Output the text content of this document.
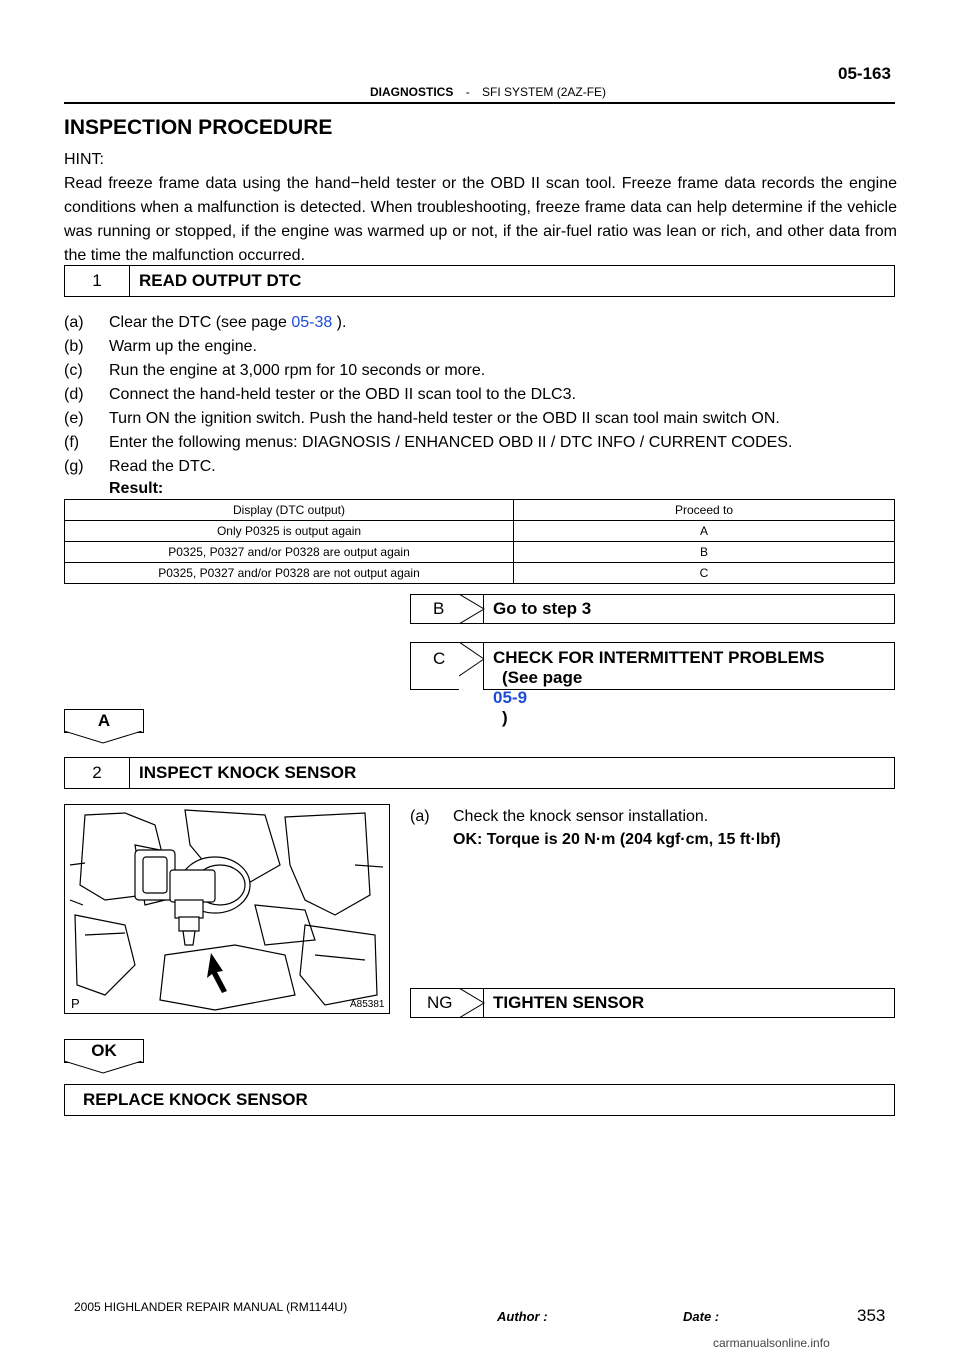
05-163
DIAGNOSTICS - SFI SYSTEM (2AZ-FE)
INSPECTION PROCEDURE
HINT:
Read freeze frame data using the hand−held tester or the OBD II scan tool. Freeze frame data records the engine conditions when a malfunction is detected. When troubleshooting, freeze frame data can help determine if the vehicle was running or stopped, if the engine was warmed up or not, if the air-fuel ratio was lean or rich, and other data from the time the malfunction occurred.
1	READ OUTPUT DTC
(a)	Clear the DTC (see page 05-38 ).
(b)	Warm up the engine.
(c)	Run the engine at 3,000 rpm for 10 seconds or more.
(d)	Connect the hand-held tester or the OBD II scan tool to the DLC3.
(e)	Turn ON the ignition switch. Push the hand-held tester or the OBD II scan tool main switch ON.
(f)	Enter the following menus: DIAGNOSIS / ENHANCED OBD II / DTC INFO / CURRENT CODES.
(g)	Read the DTC.
Result:
Display (DTC output)	Proceed to
Only P0325 is output again	A
P0325, P0327 and/or P0328 are output again	B
P0325, P0327 and/or P0328 are not output again	C
B	Go to step 3
C	CHECK FOR INTERMITTENT PROBLEMS
(See page
05-9
)
A
2	INSPECT KNOCK SENSOR
P	A85381
(a) Check the knock sensor installation.
OK: Torque is 20 N·m (204 kgf·cm, 15 ft·lbf)
NG	TIGHTEN SENSOR
OK
REPLACE KNOCK SENSOR
2005 HIGHLANDER REPAIR MANUAL (RM1144U)
Author :	Date :	353
carmanualsonline.info
